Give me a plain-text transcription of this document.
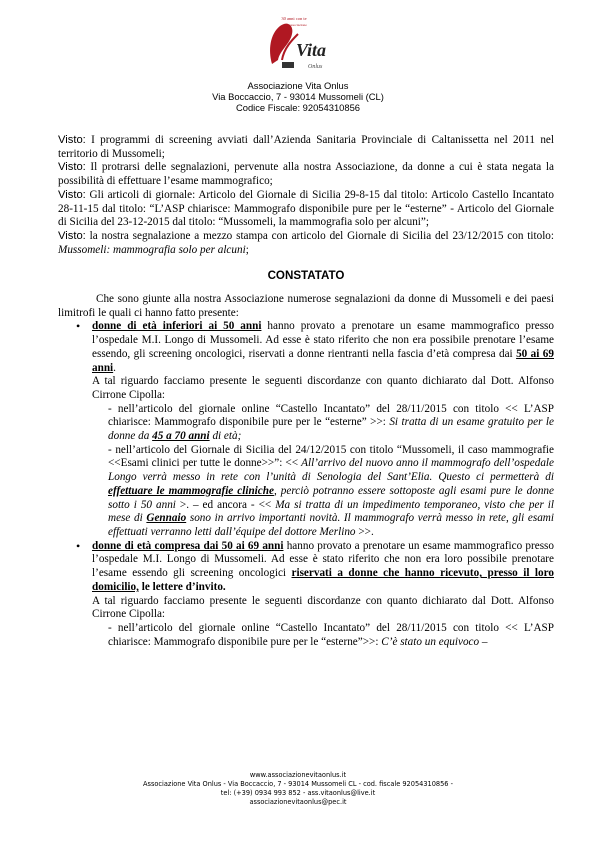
30 anni con te
associazione
Vita
Onlus
Associazione Vita Onlus
Via Boccaccio, 7 - 93014 Mussomeli (CL)
Codice Fiscale: 92054310856
Visto: I programmi di screening avviati dall’Azienda Sanitaria Provinciale di Caltanissetta nel 2011 nel territorio di Mussomeli;
Visto: Il protrarsi delle segnalazioni, pervenute alla nostra Associazione, da donne a cui è stata negata la possibilità di effettuare l’esame mammografico;
Visto: Gli articoli di giornale: Articolo del Giornale di Sicilia 29-8-15 dal titolo: Articolo Castello Incantato 28-11-15 dal titolo: “L’ASP chiarisce: Mammografo disponibile pure per le “esterne” - Articolo del Giornale di Sicilia del 23-12-2015 dal titolo: “Mussomeli, la mammografia solo per alcuni”;
Visto: la nostra segnalazione a mezzo stampa con articolo del Giornale di Sicilia del 23/12/2015 con titolo: Mussomeli: mammografia solo per alcuni;
CONSTATATO
Che sono giunte alla nostra Associazione numerose segnalazioni da donne di Mussomeli e dei paesi limitrofi le quali ci hanno fatto presente:
• donne di età inferiori ai 50 anni hanno provato a prenotare un esame mammografico presso l’ospedale M.I. Longo di Mussomeli. Ad esse è stato riferito che non era possibile prenotare l’esame essendo, gli screening oncologici, riservati a donne rientranti nella fascia d’età compresa dai 50 ai 69 anni.
A tal riguardo facciamo presente le seguenti discordanze con quanto dichiarato dal Dott. Alfonso Cirrone Cipolla:
- nell’articolo del giornale online “Castello Incantato” del 28/11/2015 con titolo << L’ASP chiarisce: Mammografo disponibile pure per le “esterne” >>: Si tratta di un esame gratuito per le donne da 45 a 70 anni di età;
- nell’articolo del Giornale di Sicilia del 24/12/2015 con titolo “Mussomeli, il caso mammografie <<Esami clinici per tutte le donne>>”: << All’arrivo del nuovo anno il mammografo dell’ospedale Longo verrà messo in rete con l’unità di Senologia del Sant’Elia. Questo ci permetterà di effettuare le mammografie cliniche, perciò potranno essere sottoposte agli esami pure le donne sotto i 50 anni >. – ed ancora - << Ma si tratta di un impedimento temporaneo, visto che per il mese di Gennaio sono in arrivo importanti novità. Il mammografo verrà messo in rete, gli esami effettuati verranno letti dall’équipe del dottore Merlino >>.
• donne di età compresa dai 50 ai 69 anni hanno provato a prenotare un esame mammografico presso l’ospedale M.I. Longo di Mussomeli. Ad esse è stato riferito che non era loro possibile prenotare l’esame essendo gli screening oncologici riservati a donne che hanno ricevuto, presso il loro domicilio, le lettere d’invito.
A tal riguardo facciamo presente le seguenti discordanze con quanto dichiarato dal Dott. Alfonso Cirrone Cipolla:
- nell’articolo del giornale online “Castello Incantato” del 28/11/2015 con titolo << L’ASP chiarisce: Mammografo disponibile pure per le “esterne”>>: C’è stato un equivoco –
www.associazionevitaonlus.it
Associazione Vita Onlus - Via Boccaccio, 7 - 93014 Mussomeli CL - cod. fiscale 92054310856 -
tel: (+39) 0934 993 852 - ass.vitaonlus@live.it
associazionevitaonlus@pec.it
